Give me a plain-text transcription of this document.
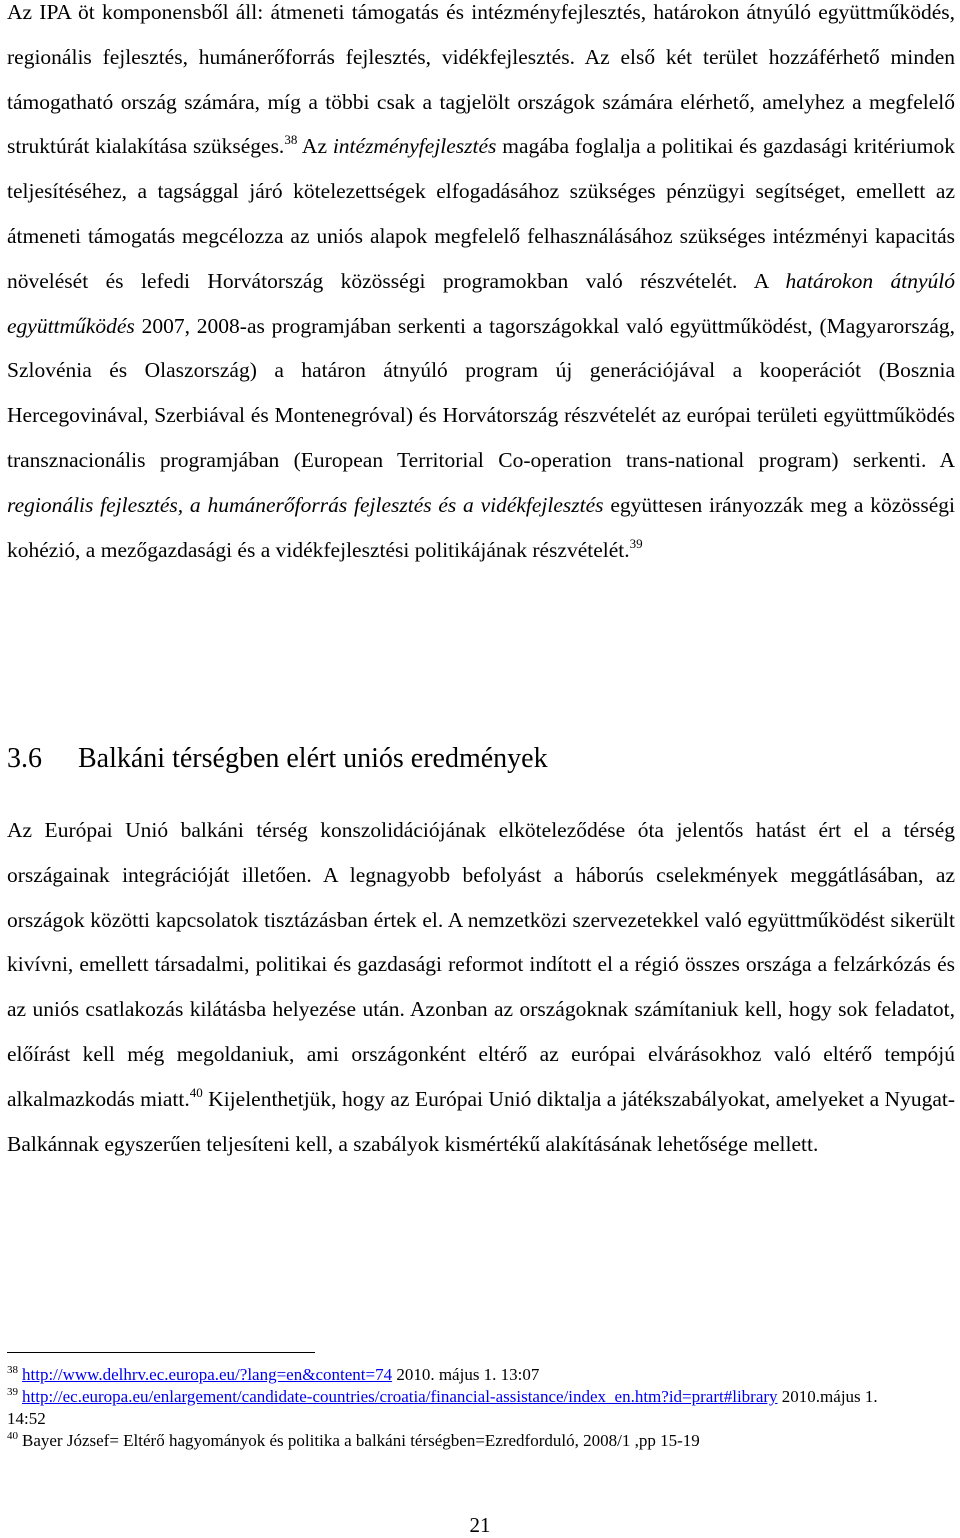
Az IPA öt komponensből áll: átmeneti támogatás és intézményfejlesztés, határokon átnyúló együttműködés, regionális fejlesztés, humánerőforrás fejlesztés, vidékfejlesztés. Az első két terület hozzáférhető minden támogatható ország számára, míg a többi csak a tagjelölt országok számára elérhető, amelyhez a megfelelő struktúrát kialakítása szükséges.$^{38}$ Az intézményfejlesztés magába foglalja a politikai és gazdasági kritériumok teljesítéséhez, a tagsággal járó kötelezettségek elfogadásához szükséges pénzügyi segítséget, emellett az átmeneti támogatás megcélozza az uniós alapok megfelelő felhasználásához szükséges intézményi kapacitás növelését és lefedi Horvátország közösségi programokban való részvételét. A határokon átnyúló együttműködés 2007, 2008-as programjában serkenti a tagországokkal való együttműködést, (Magyarország, Szlovénia és Olaszország) a határon átnyúló program új generációjával a kooperációt (Bosznia Hercegovinával, Szerbiával és Montenegróval) és Horvátország részvételét az európai területi együttműködés transznacionális programjában (European Territorial Co-operation trans-national program) serkenti. A regionális fejlesztés, a humánerőforrás fejlesztés és a vidékfejlesztés együttesen irányozzák meg a közösségi kohézió, a mezőgazdasági és a vidékfejlesztési politikájának részvételét.$^{39}$

3.6 Balkáni térségben elért uniós eredmények

Az Európai Unió balkáni térség konszolidációjának elköteleződése óta jelentős hatást ért el a térség országainak integrációját illetően. A legnagyobb befolyást a háborús cselekmények meggátlásában, az országok közötti kapcsolatok tisztázásban értek el. A nemzetközi szervezetekkel való együttműködést sikerült kivívni, emellett társadalmi, politikai és gazdasági reformot indított el a régió összes országa a felzárkózás és az uniós csatlakozás kilátásba helyezése után. Azonban az országoknak számítaniuk kell, hogy sok feladatot, előírást kell még megoldaniuk, ami országonként eltérő az európai elvárásokhoz való eltérő tempójú alkalmazkodás miatt.$^{40}$ Kijelenthetjük, hogy az Európai Unió diktalja a játékszabályokat, amelyeket a Nyugat-Balkánnak egyszerűen teljesíteni kell, a szabályok kismértékű alakításának lehetősége mellett.

$^{38}$ http://www.delhrv.ec.europa.eu/?lang=en&content=74 2010. május 1. 13:07

$^{39}$ http://ec.europa.eu/enlargement/candidate-countries/croatia/financial-assistance/index_en.htm?id=prart#library 2010.május 1. 14:52

$^{40}$ Bayer József= Eltérő hagyományok és politika a balkáni térségben=Ezredforduló, 2008/1 ,pp 15-19

21
